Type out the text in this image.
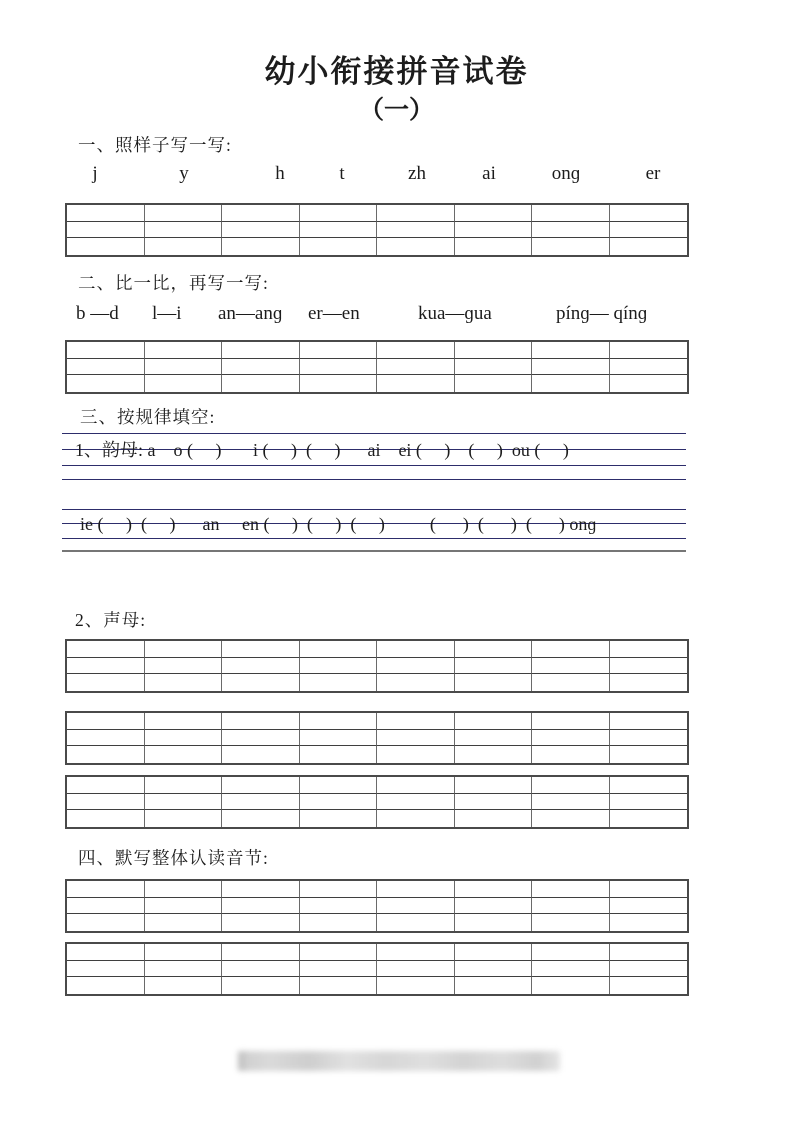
幼小衔接拼音试卷
（一）
一、照样子写一写:
j	y	h	t	zh	ai	onɡ	er
二、比一比，再写一写:
b —d l—i an—anɡ er—en	kua—ɡua	pínɡ— qínɡ
三、按规律填空:
1、韵母: a    o (     )       i (     )  (     )      ai    ei (     )    (     )  ou (     )
ie (     )  (     )      an     en (     )  (     )  (     )          (      )  (      )  (      ) onɡ
2、声母:
四、默写整体认读音节:
